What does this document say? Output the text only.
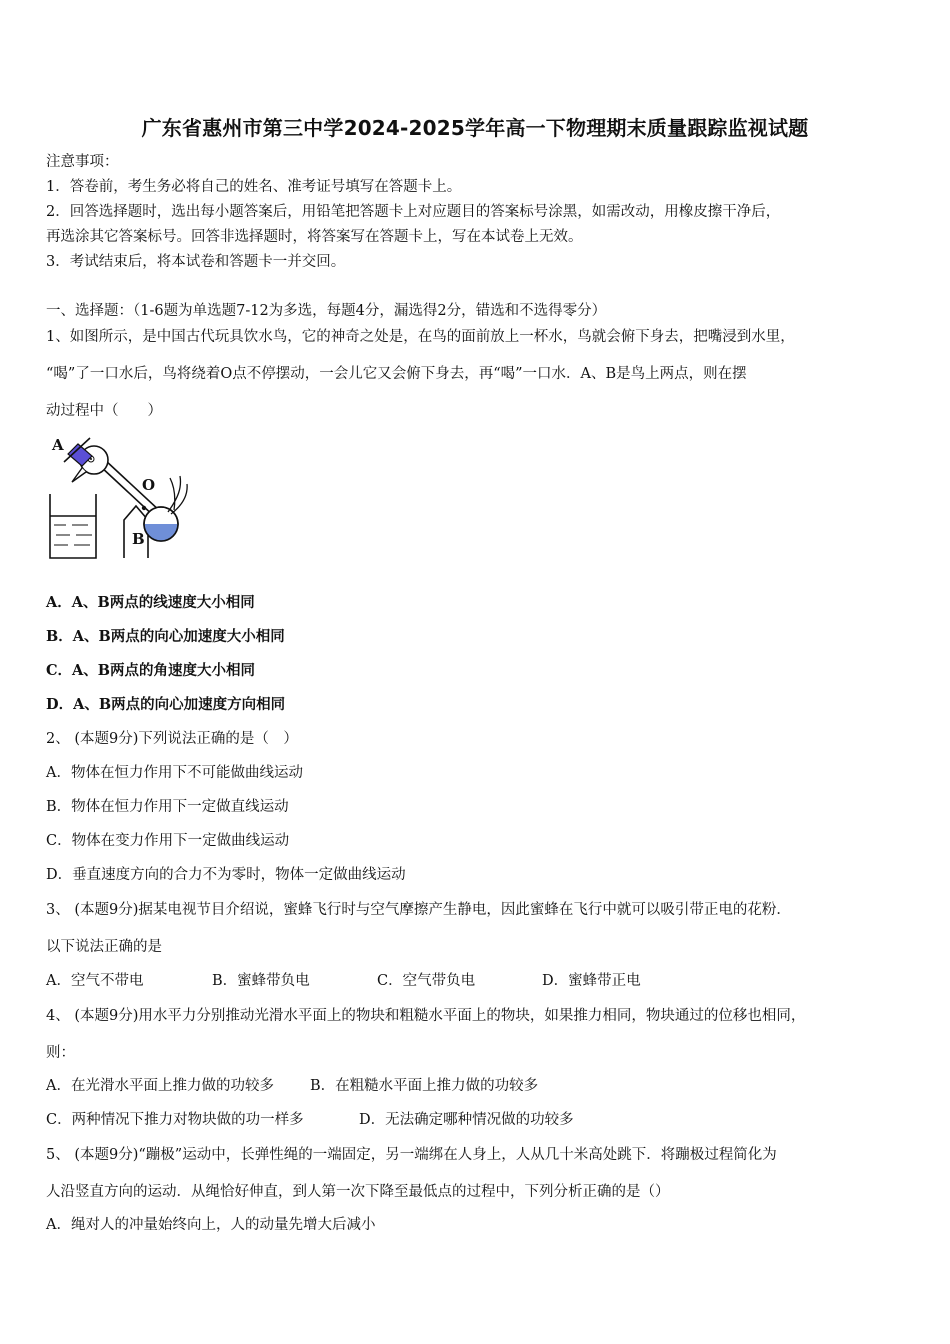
广东省惠州市第三中学2024-2025学年高一下物理期末质量跟踪监视试题

注意事项：

1．答卷前，考生务必将自己的姓名、准考证号填写在答题卡上。

2．回答选择题时，选出每小题答案后，用铅笔把答题卡上对应题目的答案标号涂黑，如需改动，用橡皮擦干净后，

再选涂其它答案标号。回答非选择题时，将答案写在答题卡上，写在本试卷上无效。

3．考试结束后，将本试卷和答题卡一并交回。

一、选择题：（1-6题为单选题7-12为多选，每题4分，漏选得2分，错选和不选得零分）

1、如图所示，是中国古代玩具饮水鸟，它的神奇之处是，在鸟的面前放上一杯水，鸟就会俯下身去，把嘴浸到水里，

“喝”了一口水后，鸟将绕着O点不停摆动，一会儿它又会俯下身去，再“喝”一口水．A、B是鸟上两点，则在摆

动过程中（　　）

A
O
B

A．A、B两点的线速度大小相同

B．A、B两点的向心加速度大小相同

C．A、B两点的角速度大小相同

D．A、B两点的向心加速度方向相同

2、 (本题9分)下列说法正确的是（　）

A．物体在恒力作用下不可能做曲线运动

B．物体在恒力作用下一定做直线运动

C．物体在变力作用下一定做曲线运动

D．垂直速度方向的合力不为零时，物体一定做曲线运动

3、 (本题9分)据某电视节目介绍说，蜜蜂飞行时与空气摩擦产生静电，因此蜜蜂在飞行中就可以吸引带正电的花粉．

以下说法正确的是

A．空气不带电	B．蜜蜂带负电	C．空气带负电	D．蜜蜂带正电

4、 (本题9分)用水平力分别推动光滑水平面上的物块和粗糙水平面上的物块，如果推力相同，物块通过的位移也相同，

则：

A．在光滑水平面上推力做的功较多 B．在粗糙水平面上推力做的功较多
C．两种情况下推力对物块做的功一样多	D．无法确定哪种情况做的功较多

5、 (本题9分)“蹦极”运动中，长弹性绳的一端固定，另一端绑在人身上，人从几十米高处跳下．将蹦极过程简化为

人沿竖直方向的运动．从绳恰好伸直，到人第一次下降至最低点的过程中，下列分析正确的是（）

A．绳对人的冲量始终向上，人的动量先增大后减小
